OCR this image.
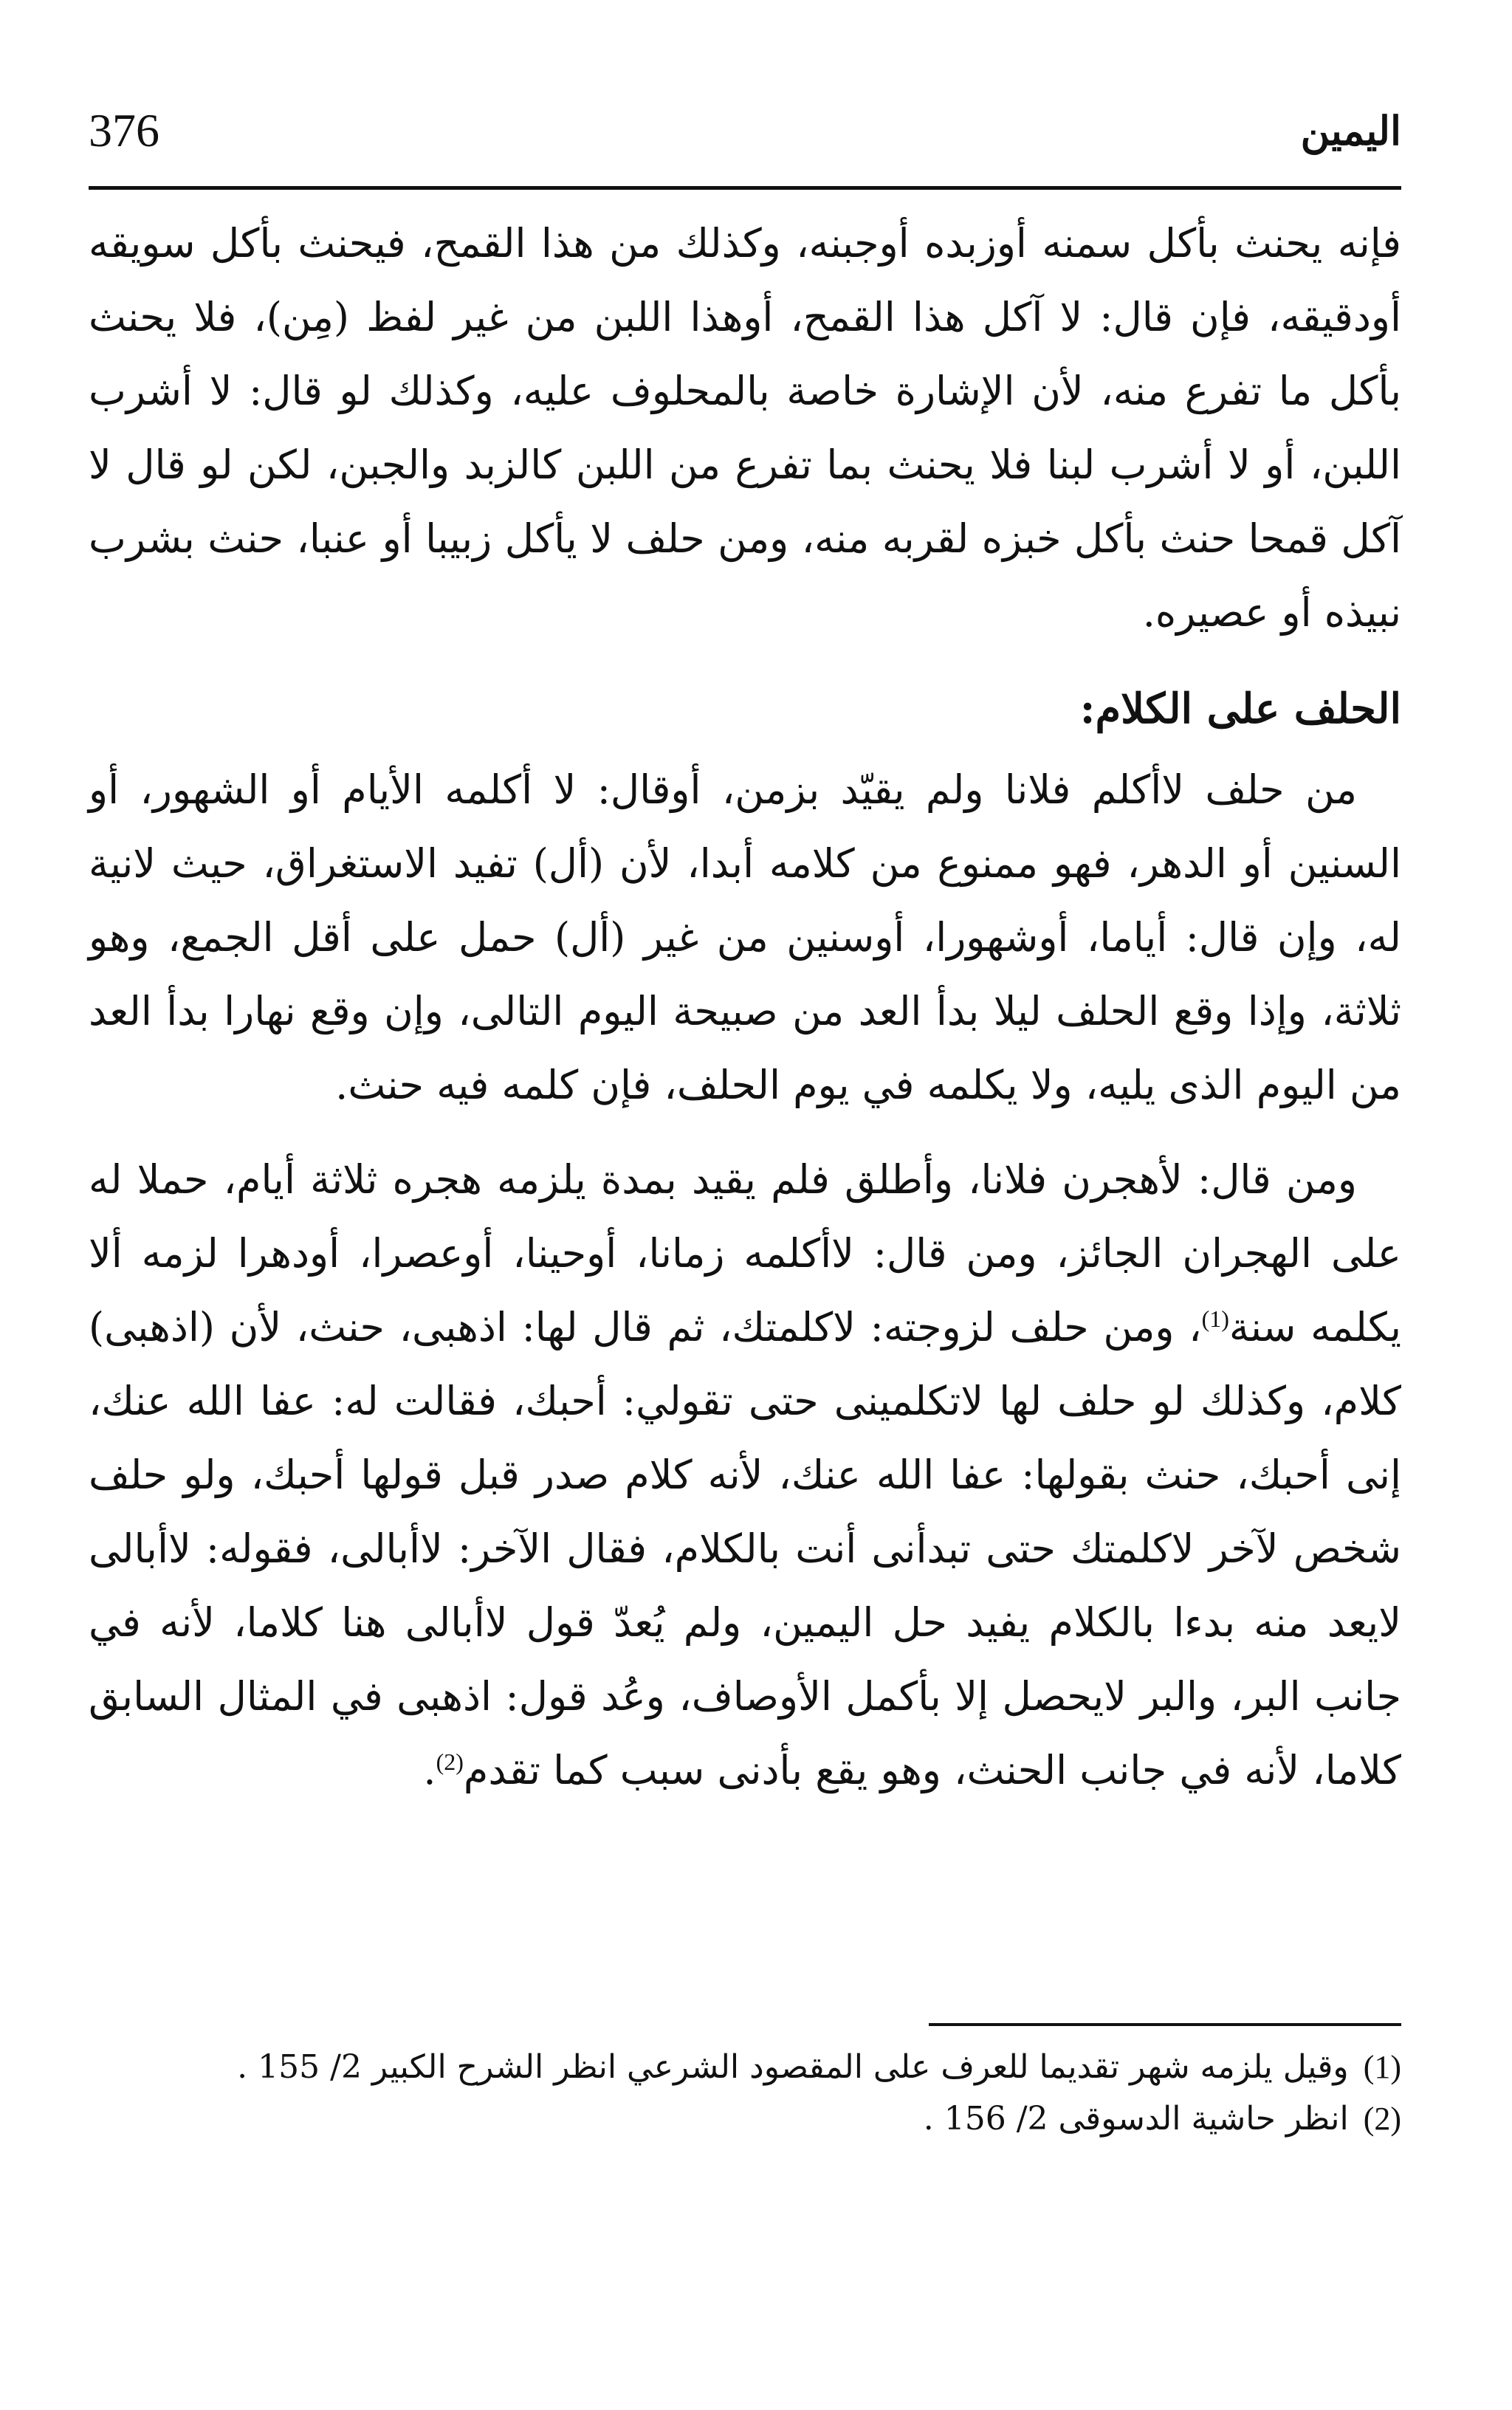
376	اليمين

فإنه يحنث بأكل سمنه أوزبده أوجبنه، وكذلك من هذا القمح، فيحنث بأكل سويقه أودقيقه، فإن قال: لا آكل هذا القمح، أوهذا اللبن من غير لفظ (مِن)، فلا يحنث بأكل ما تفرع منه، لأن الإشارة خاصة بالمحلوف عليه، وكذلك لو قال: لا أشرب اللبن، أو لا أشرب لبنا فلا يحنث بما تفرع من اللبن كالزبد والجبن، لكن لو قال لا آكل قمحا حنث بأكل خبزه لقربه منه، ومن حلف لا يأكل زبيبا أو عنبا، حنث بشرب نبيذه أو عصيره.

الحلف على الكلام:

من حلف لاأكلم فلانا ولم يقيّد بزمن، أوقال: لا أكلمه الأيام أو الشهور، أو السنين أو الدهر، فهو ممنوع من كلامه أبدا، لأن (أل) تفيد الاستغراق، حيث لانية له، وإن قال: أياما، أوشهورا، أوسنين من غير (أل) حمل على أقل الجمع، وهو ثلاثة، وإذا وقع الحلف ليلا بدأ العد من صبيحة اليوم التالى، وإن وقع نهارا بدأ العد من اليوم الذى يليه، ولا يكلمه في يوم الحلف، فإن كلمه فيه حنث.

ومن قال: لأهجرن فلانا، وأطلق فلم يقيد بمدة يلزمه هجره ثلاثة أيام، حملا له على الهجران الجائز، ومن قال: لاأكلمه زمانا، أوحينا، أوعصرا، أودهرا لزمه ألا يكلمه سنة$^{(1)}$، ومن حلف لزوجته: لاكلمتك، ثم قال لها: اذهبى، حنث، لأن (اذهبى) كلام، وكذلك لو حلف لها لاتكلمينى حتى تقولي: أحبك، فقالت له: عفا الله عنك، إنى أحبك، حنث بقولها: عفا الله عنك، لأنه كلام صدر قبل قولها أحبك، ولو حلف شخص لآخر لاكلمتك حتى تبدأنى أنت بالكلام، فقال الآخر: لاأبالى، فقوله: لاأبالى لايعد منه بدءا بالكلام يفيد حل اليمين، ولم يُعدّ قول لاأبالى هنا كلاما، لأنه في جانب البر، والبر لايحصل إلا بأكمل الأوصاف، وعُد قول: اذهبى في المثال السابق كلاما، لأنه في جانب الحنث، وهو يقع بأدنى سبب كما تقدم$^{(2)}$.

(1)وقيل يلزمه شهر تقديما للعرف على المقصود الشرعي انظر الشرح الكبير 2/ 155 .

(2)انظر حاشية الدسوقى 2/ 156 .
